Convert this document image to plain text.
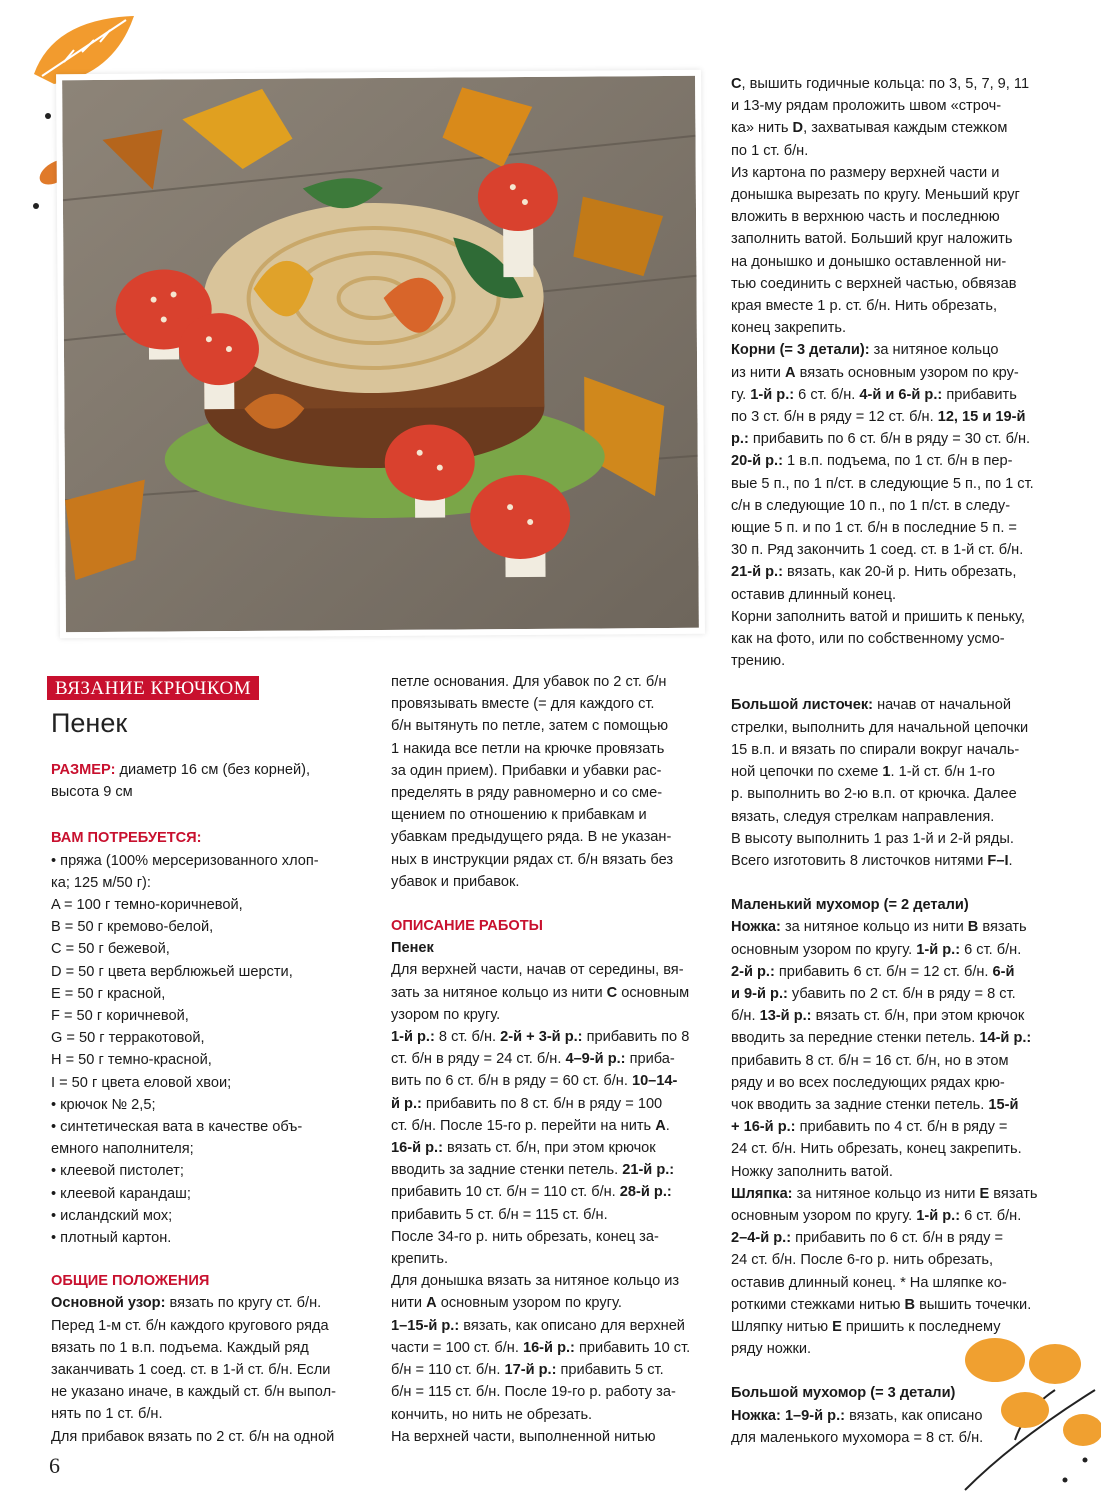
ВЯЗАНИЕ КРЮЧКОМ
Пенек

РАЗМЕР: диаметр 16 см (без корней),

высота 9 см

ВАМ ПОТРЕБУЕТСЯ:

• пряжа (100% мерсеризованного хлоп-

ка; 125 м/50 г):

A = 100 г темно-коричневой,

B = 50 г кремово-белой,

C = 50 г бежевой,

D = 50 г цвета верблюжьей шерсти,

E = 50 г красной,

F = 50 г коричневой,

G = 50 г терракотовой,

H = 50 г темно-красной,

I = 50 г цвета еловой хвои;

• крючок № 2,5;

• синтетическая вата в качестве объ-

емного наполнителя;

• клеевой пистолет;

• клеевой карандаш;

• исландский мох;

• плотный картон.

ОБЩИЕ ПОЛОЖЕНИЯ

Основной узор: вязать по кругу ст. б/н.

Перед 1-м ст. б/н каждого кругового ряда

вязать по 1 в.п. подъема. Каждый ряд

заканчивать 1 соед. ст. в 1-й ст. б/н. Если

не указано иначе, в каждый ст. б/н выпол-

нять по 1 ст. б/н.

Для прибавок вязать по 2 ст. б/н на одной

петле основания. Для убавок по 2 ст. б/н

провязывать вместе (= для каждого ст.

б/н вытянуть по петле, затем с помощью

1 накида все петли на крючке провязать

за один прием). Прибавки и убавки рас-

пределять в ряду равномерно и со сме-

щением по отношению к прибавкам и

убавкам предыдущего ряда. В не указан-

ных в инструкции рядах ст. б/н вязать без

убавок и прибавок.

ОПИСАНИЕ РАБОТЫ

Пенек

Для верхней части, начав от середины, вя-

зать за нитяное кольцо из нити C основным

узором по кругу.

1-й р.: 8 ст. б/н. 2-й + 3-й р.: прибавить по 8

ст. б/н в ряду = 24 ст. б/н. 4–9-й р.: приба-

вить по 6 ст. б/н в ряду = 60 ст. б/н. 10–14-

й р.: прибавить по 8 ст. б/н в ряду = 100

ст. б/н. После 15-го р. перейти на нить A.

16-й р.: вязать ст. б/н, при этом крючок

вводить за задние стенки петель. 21-й р.:

прибавить 10 ст. б/н = 110 ст. б/н. 28-й р.:

прибавить 5 ст. б/н = 115 ст. б/н.

После 34-го р. нить обрезать, конец за-

крепить.

Для донышка вязать за нитяное кольцо из

нити A основным узором по кругу.

1–15-й р.: вязать, как описано для верхней

части = 100 ст. б/н. 16-й р.: прибавить 10 ст.

б/н = 110 ст. б/н. 17-й р.: прибавить 5 ст.

б/н = 115 ст. б/н. После 19-го р. работу за-

кончить, но нить не обрезать.

На верхней части, выполненной нитью

C, вышить годичные кольца: по 3, 5, 7, 9, 11

и 13-му рядам проложить швом «строч-

ка» нить D, захватывая каждым стежком

по 1 ст. б/н.

Из картона по размеру верхней части и

донышка вырезать по кругу. Меньший круг

вложить в верхнюю часть и последнюю

заполнить ватой. Больший круг наложить

на донышко и донышко оставленной ни-

тью соединить с верхней частью, обвязав

края вместе 1 р. ст. б/н. Нить обрезать,

конец закрепить.

Корни (= 3 детали): за нитяное кольцо

из нити A вязать основным узором по кру-

гу. 1-й р.: 6 ст. б/н. 4-й и 6-й р.: прибавить

по 3 ст. б/н в ряду = 12 ст. б/н. 12, 15 и 19-й

р.: прибавить по 6 ст. б/н в ряду = 30 ст. б/н.

20-й р.: 1 в.п. подъема, по 1 ст. б/н в пер-

вые 5 п., по 1 п/ст. в следующие 5 п., по 1 ст.

с/н в следующие 10 п., по 1 п/ст. в следу-

ющие 5 п. и по 1 ст. б/н в последние 5 п. =

30 п. Ряд закончить 1 соед. ст. в 1-й ст. б/н.

21-й р.: вязать, как 20-й р. Нить обрезать,

оставив длинный конец.

Корни заполнить ватой и пришить к пеньку,

как на фото, или по собственному усмо-

трению.

Большой листочек: начав от начальной

стрелки, выполнить для начальной цепочки

15 в.п. и вязать по спирали вокруг началь-

ной цепочки по схеме 1. 1-й ст. б/н 1-го

р. выполнить во 2-ю в.п. от крючка. Далее

вязать, следуя стрелкам направления.

В высоту выполнить 1 раз 1-й и 2-й ряды.

Всего изготовить 8 листочков нитями F–I.

Маленький мухомор (= 2 детали)

Ножка: за нитяное кольцо из нити B вязать

основным узором по кругу. 1-й р.: 6 ст. б/н.

2-й р.: прибавить 6 ст. б/н = 12 ст. б/н. 6-й

и 9-й р.: убавить по 2 ст. б/н в ряду = 8 ст.

б/н. 13-й р.: вязать ст. б/н, при этом крючок

вводить за передние стенки петель. 14-й р.:

прибавить 8 ст. б/н = 16 ст. б/н, но в этом

ряду и во всех последующих рядах крю-

чок вводить за задние стенки петель. 15-й

+ 16-й р.: прибавить по 4 ст. б/н в ряду =

24 ст. б/н. Нить обрезать, конец закрепить.

Ножку заполнить ватой.

Шляпка: за нитяное кольцо из нити E вязать

основным узором по кругу. 1-й р.: 6 ст. б/н.

2–4-й р.: прибавить по 6 ст. б/н в ряду =

24 ст. б/н. После 6-го р. нить обрезать,

оставив длинный конец. * На шляпке ко-

роткими стежками нитью B вышить точечки.

Шляпку нитью E пришить к последнему

ряду ножки.

Большой мухомор (= 3 детали)

Ножка: 1–9-й р.: вязать, как описано

для маленького мухомора = 8 ст. б/н.

6
